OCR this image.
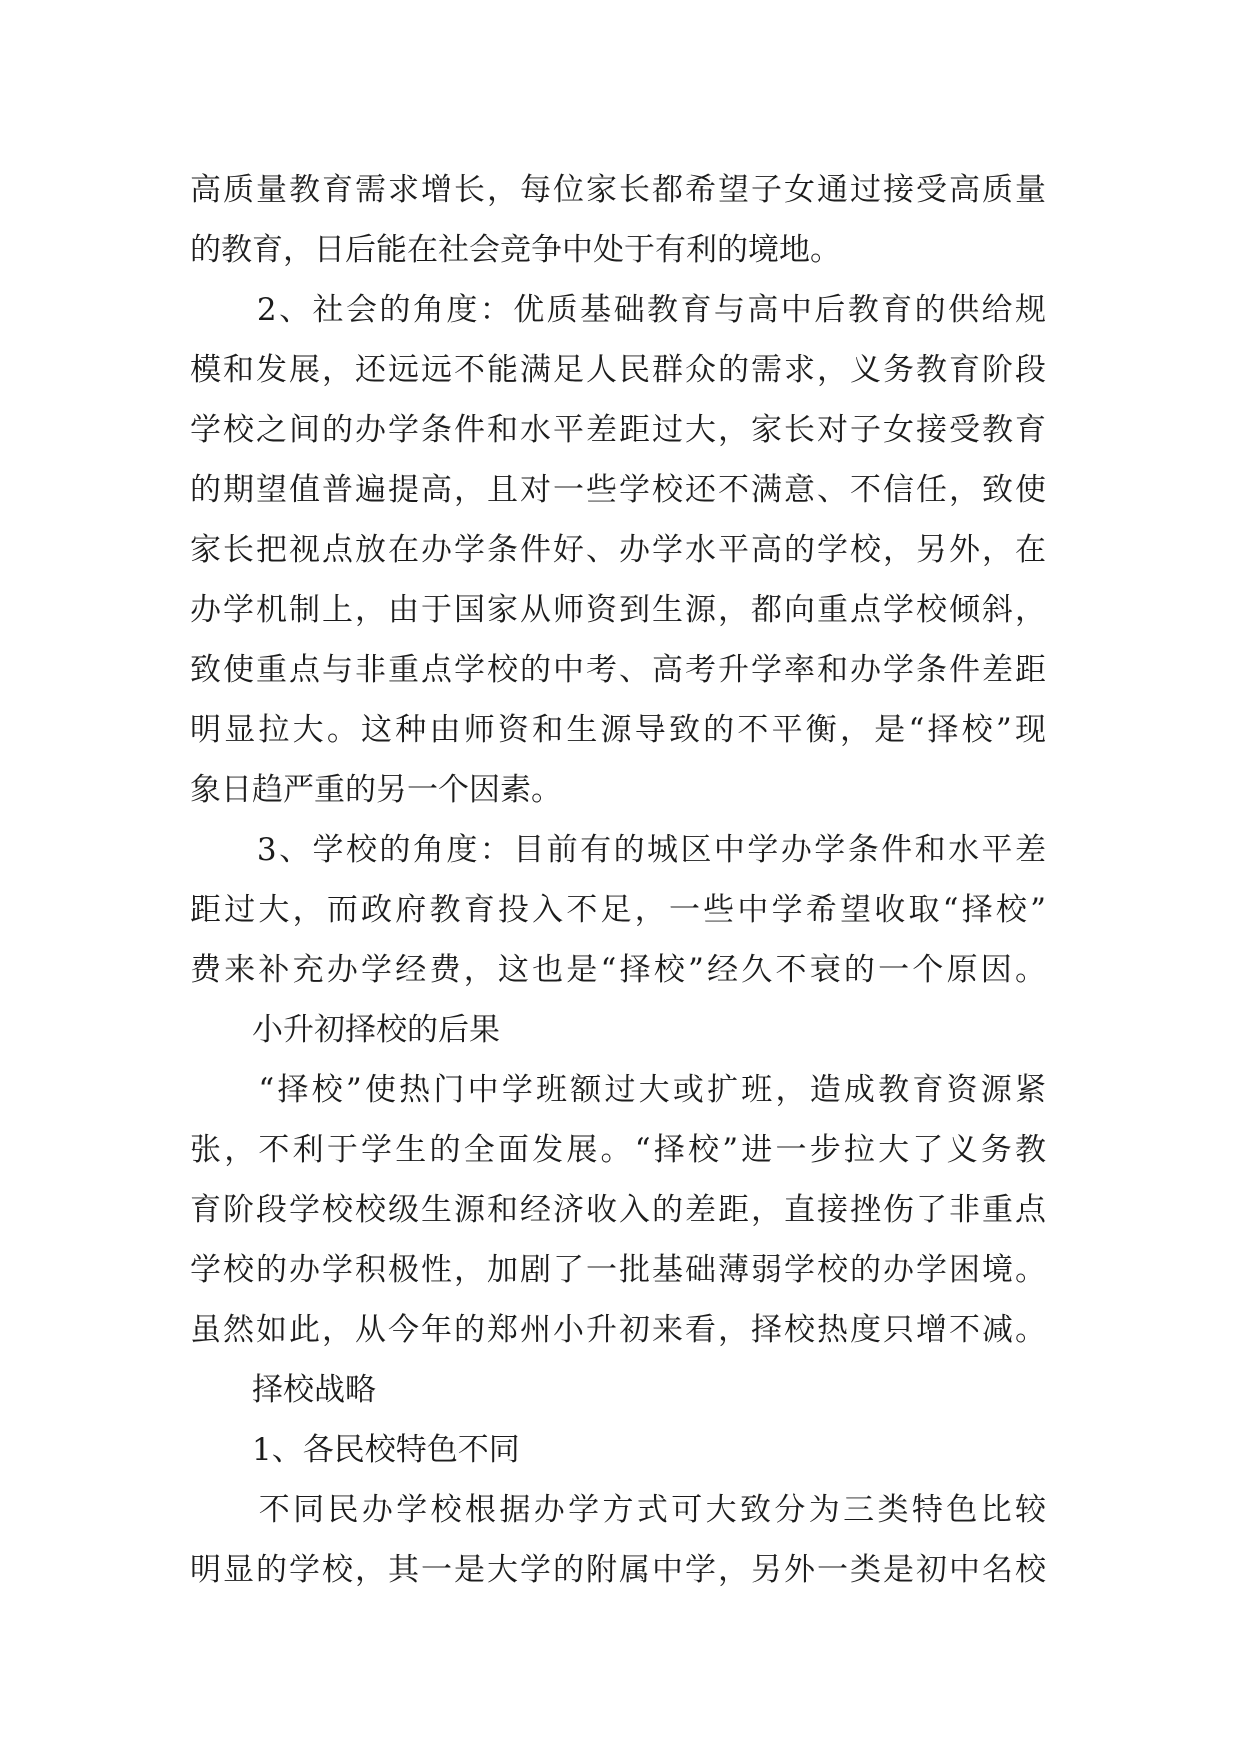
高质量教育需求增长，每位家长都希望子女通过接受高质量
的教育，日后能在社会竞争中处于有利的境地。
　　2、社会的角度：优质基础教育与高中后教育的供给规
模和发展，还远远不能满足人民群众的需求，义务教育阶段
学校之间的办学条件和水平差距过大，家长对子女接受教育
的期望值普遍提高，且对一些学校还不满意、不信任，致使
家长把视点放在办学条件好、办学水平高的学校，另外，在
办学机制上，由于国家从师资到生源，都向重点学校倾斜，
致使重点与非重点学校的中考、高考升学率和办学条件差距
明显拉大。这种由师资和生源导致的不平衡，是“择校”现
象日趋严重的另一个因素。
　　3、学校的角度：目前有的城区中学办学条件和水平差
距过大，而政府教育投入不足，一些中学希望收取“择校”
费来补充办学经费，这也是“择校”经久不衰的一个原因。
　　小升初择校的后果
　　“择校”使热门中学班额过大或扩班，造成教育资源紧
张，不利于学生的全面发展。“择校”进一步拉大了义务教
育阶段学校校级生源和经济收入的差距，直接挫伤了非重点
学校的办学积极性，加剧了一批基础薄弱学校的办学困境。
虽然如此，从今年的郑州小升初来看，择校热度只增不减。
　　择校战略
　　1、各民校特色不同
　　不同民办学校根据办学方式可大致分为三类特色比较
明显的学校，其一是大学的附属中学，另外一类是初中名校
